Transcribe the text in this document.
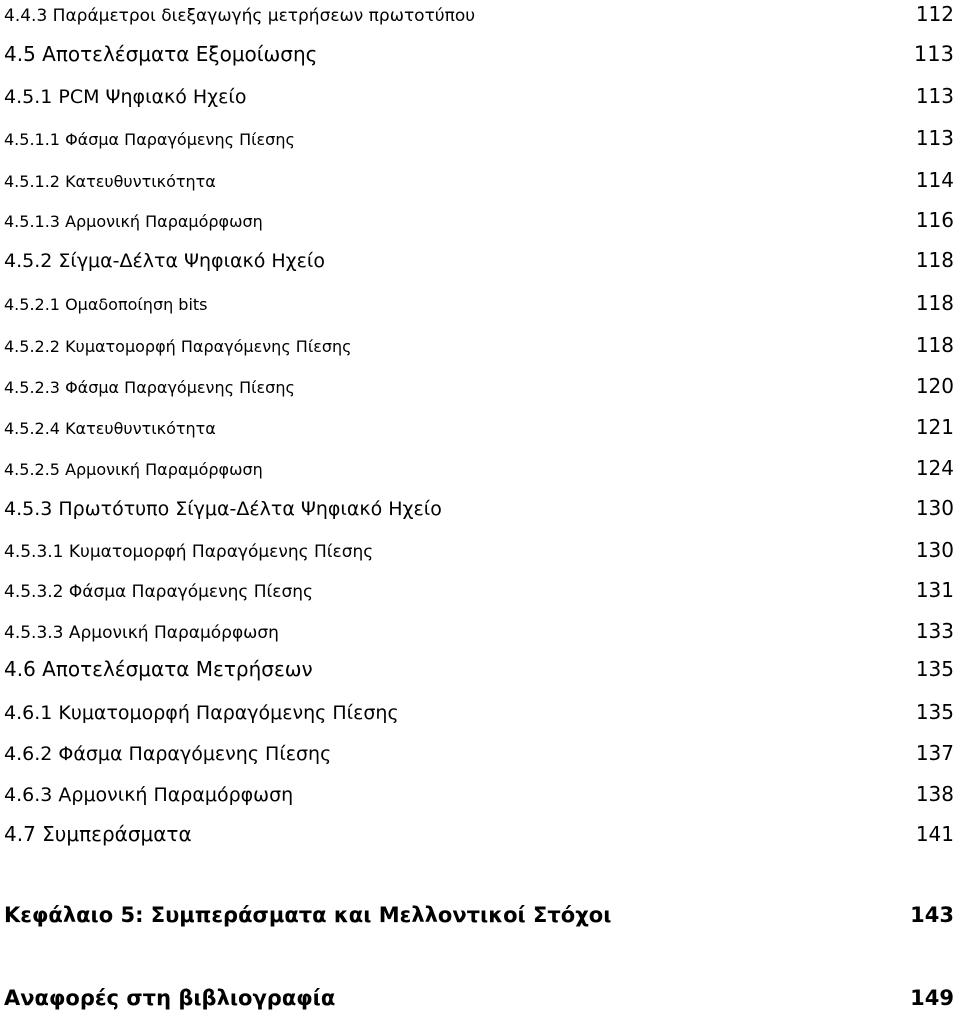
4.4.3 Παράμετροι διεξαγωγής μετρήσεων πρωτοτύπου	112
4.5 Αποτελέσματα Εξομοίωσης	113
4.5.1 PCM Ψηφιακό Ηχείο	113
4.5.1.1 Φάσμα Παραγόμενης Πίεσης	113
4.5.1.2 Κατευθυντικότητα	114
4.5.1.3 Αρμονική Παραμόρφωση	116
4.5.2 Σίγμα-Δέλτα Ψηφιακό Ηχείο	118
4.5.2.1 Ομαδοποίηση bits	118
4.5.2.2 Κυματομορφή Παραγόμενης Πίεσης	118
4.5.2.3 Φάσμα Παραγόμενης Πίεσης	120
4.5.2.4 Κατευθυντικότητα	121
4.5.2.5 Αρμονική Παραμόρφωση	124
4.5.3 Πρωτότυπο Σίγμα-Δέλτα Ψηφιακό Ηχείο	130
4.5.3.1 Κυματομορφή Παραγόμενης Πίεσης	130
4.5.3.2 Φάσμα Παραγόμενης Πίεσης	131
4.5.3.3 Αρμονική Παραμόρφωση	133
4.6 Αποτελέσματα Μετρήσεων	135
4.6.1 Κυματομορφή Παραγόμενης Πίεσης	135
4.6.2 Φάσμα Παραγόμενης Πίεσης	137
4.6.3 Αρμονική Παραμόρφωση	138
4.7 Συμπεράσματα	141
Κεφάλαιο 5: Συμπεράσματα και Μελλοντικοί Στόχοι	143
Αναφορές στη βιβλιογραφία	149
